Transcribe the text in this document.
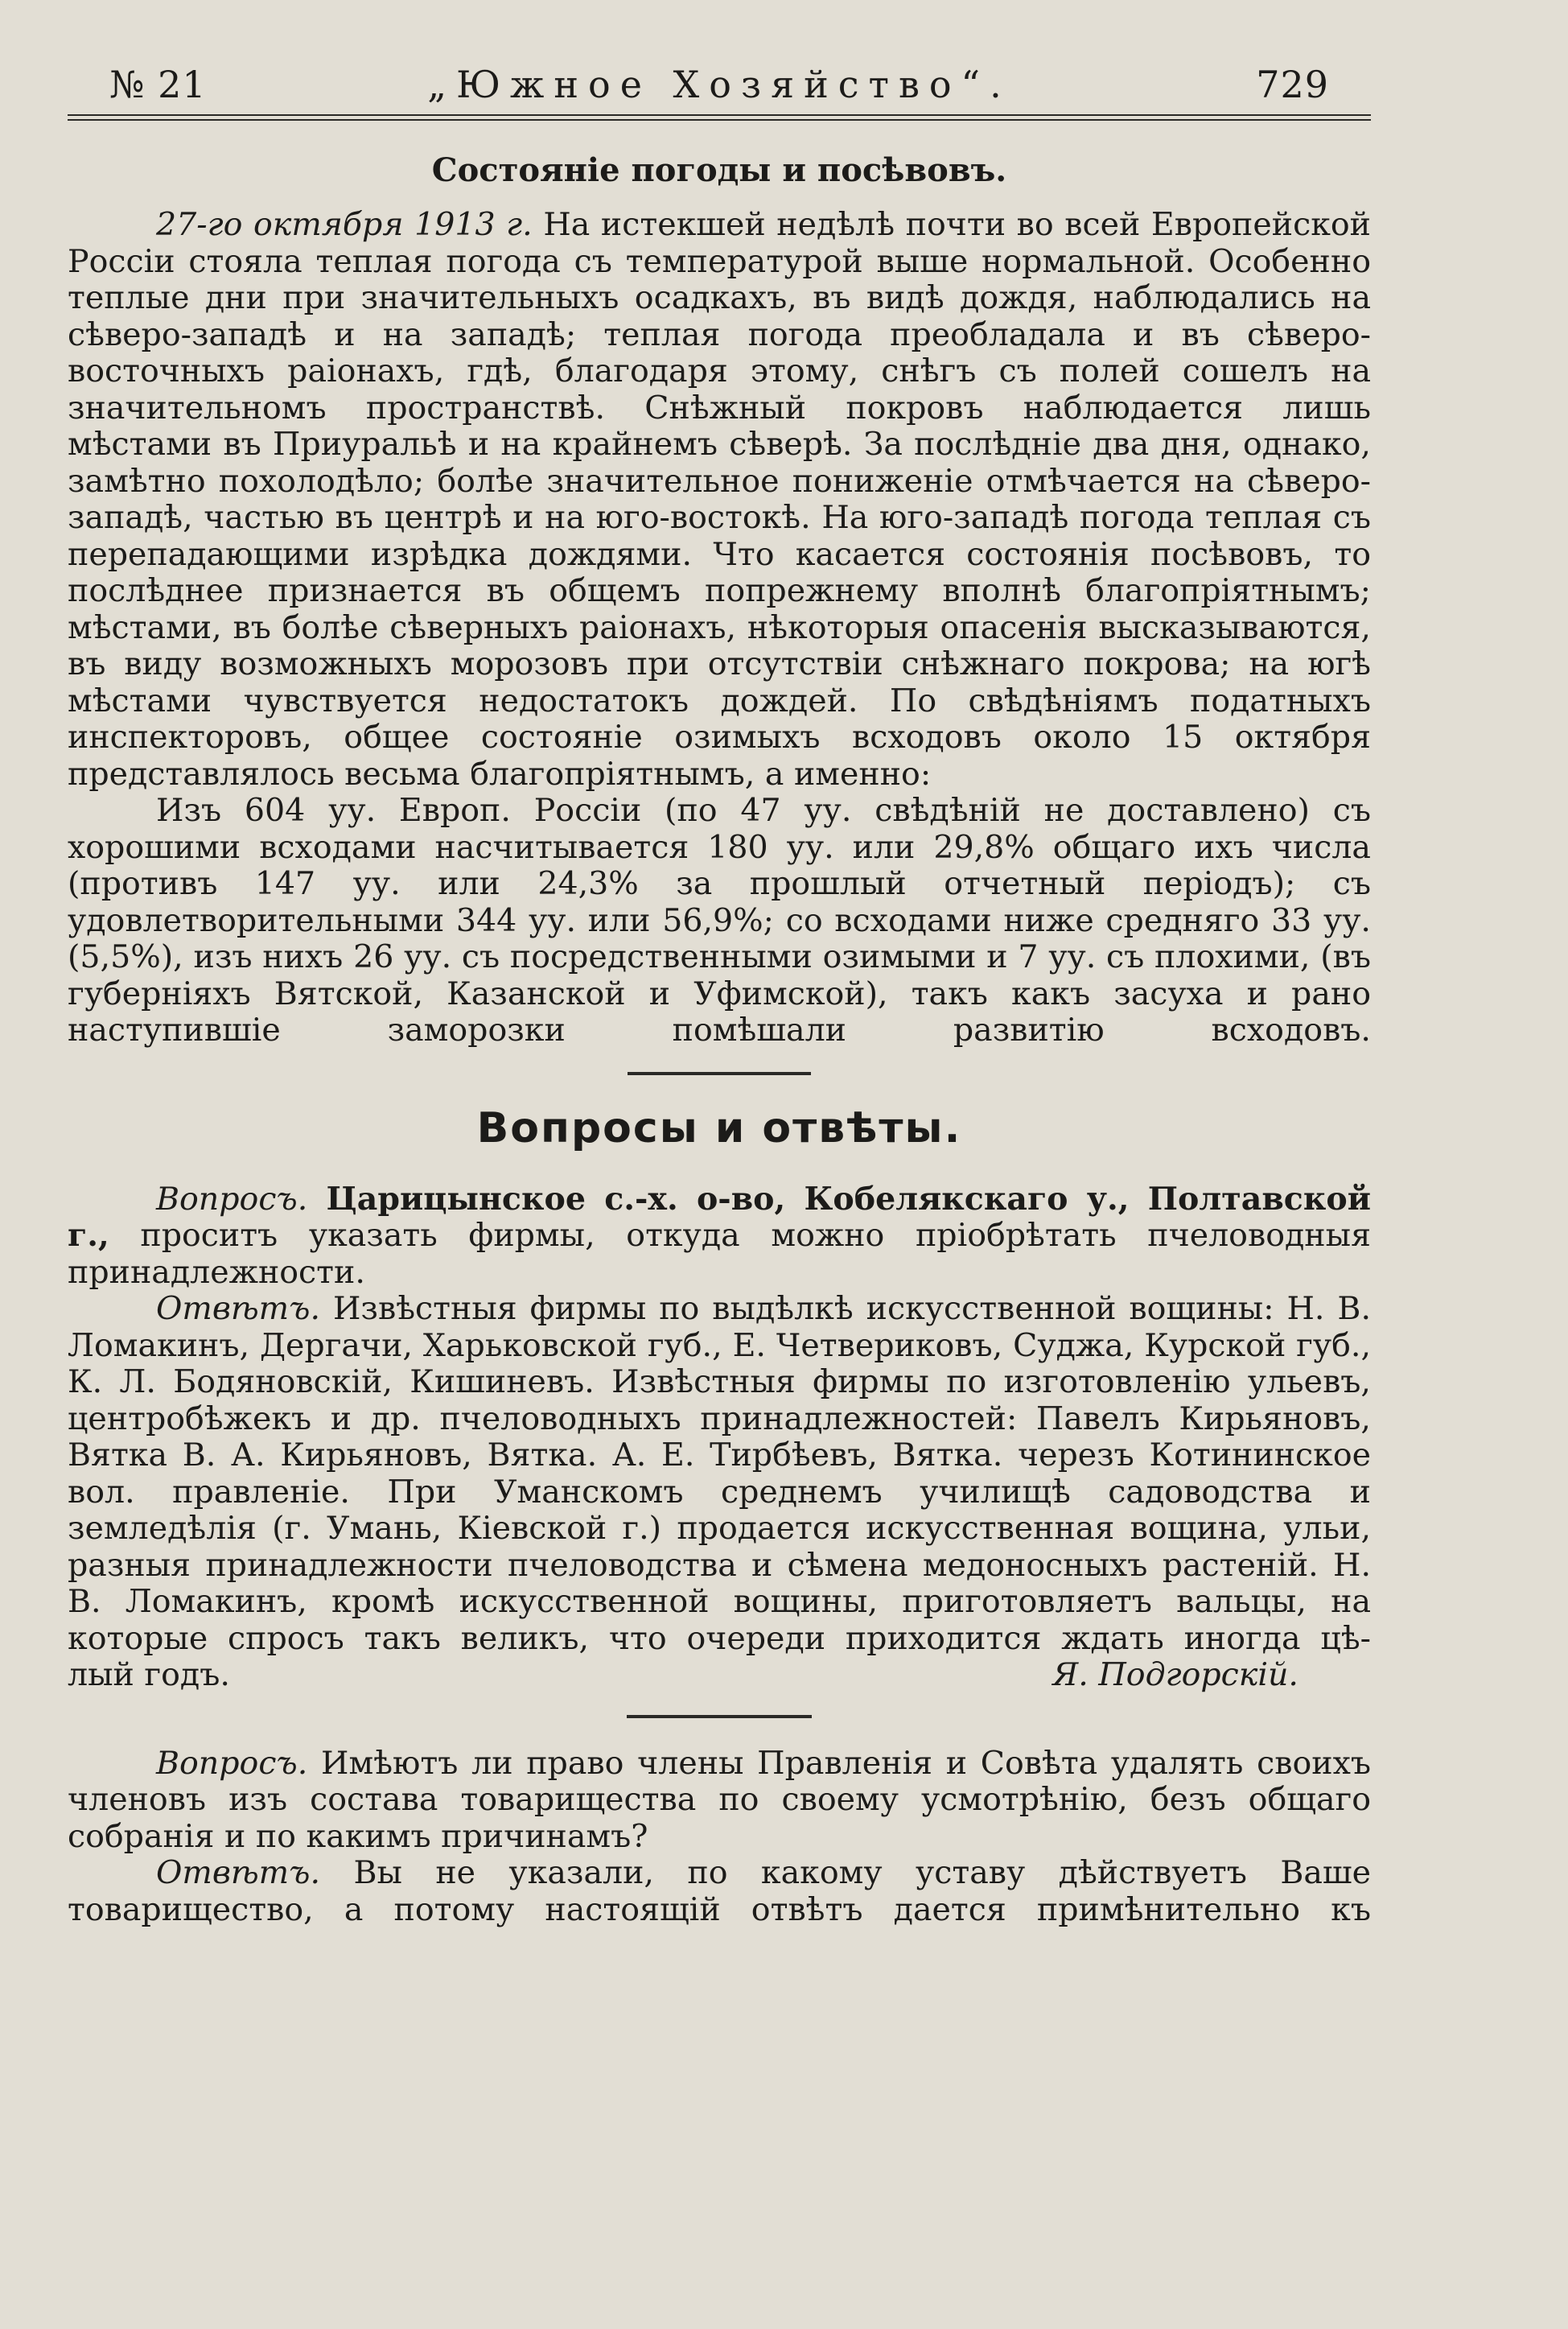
№ 21	„Южное Хозяйство“.	729
Состояніе погоды и посѣвовъ.

27-го октября 1913 г. На истекшей недѣлѣ почти во всей Европейской Россіи стояла теплая погода съ температурой выше нормальной. Особенно теплые дни при значительныхъ осадкахъ, въ видѣ дождя, наблюдались на сѣверо-западѣ и на западѣ; теплая погода преобладала и въ сѣверо-восточныхъ раіонахъ, гдѣ, благодаря этому, снѣгъ съ полей сошелъ на значительномъ пространствѣ. Снѣжный покровъ наблюдается лишь мѣстами въ Приуральѣ и на крайнемъ сѣверѣ. За послѣдніе два дня, однако, замѣтно похолодѣло; болѣе значительное пониженіе отмѣчается на сѣверо-западѣ, частью въ центрѣ и на юго-востокѣ. На юго-западѣ погода теплая съ перепадающими изрѣдка дождями. Что касается состоянія посѣвовъ, то послѣднее признается въ общемъ попрежнему вполнѣ благопріятнымъ; мѣстами, въ болѣе сѣверныхъ раіонахъ, нѣкоторыя опасенія высказываются, въ виду возможныхъ морозовъ при отсутствіи снѣжнаго покрова; на югѣ мѣстами чувствуется недостатокъ дождей. По свѣдѣніямъ податныхъ инспекторовъ, общее состояніе озимыхъ всходовъ около 15 октября представлялось весьма благопріятнымъ, а именно:

Изъ 604 уу. Европ. Россіи (по 47 уу. свѣдѣній не доставлено) съ хорошими всходами насчитывается 180 уу. или 29,8% общаго ихъ числа (противъ 147 уу. или 24,3% за прошлый отчетный періодъ); съ удовлетворительными 344 уу. или 56,9%; со всходами ниже средняго 33 уу. (5,5%), изъ нихъ 26 уу. съ посредственными озимыми и 7 уу. съ плохими, (въ губерніяхъ Вятской, Казанской и Уфимской), такъ какъ засуха и рано наступившіе заморозки помѣшали развитію всходовъ.

Вопросы и отвѣты.

Вопросъ. Царицынское с.-х. о-во, Кобелякскаго у., Полтавской г., проситъ указать фирмы, откуда можно пріобрѣтать пчеловодныя принадлежности.

Отвѣтъ. Извѣстныя фирмы по выдѣлкѣ искусственной вощины: Н. В. Ломакинъ, Дергачи, Харьковской губ., Е. Четвериковъ, Суджа, Курской губ., К. Л. Бодяновскій, Кишиневъ. Извѣстныя фирмы по изготовленію ульевъ, центробѣжекъ и др. пчеловодныхъ принадлежностей: Павелъ Кирьяновъ, Вятка В. А. Кирьяновъ, Вятка. А. Е. Тирбѣевъ, Вятка. черезъ Котининское вол. правленіе. При Уманскомъ среднемъ училищѣ садоводства и земледѣлія (г. Умань, Кіевской г.) продается искусственная вощина, ульи, разныя принадлежности пчеловодства и сѣмена медоносныхъ растеній. Н. В. Ломакинъ, кромѣ искусственной вощины, приготовляетъ вальцы, на которые спросъ такъ великъ, что очереди приходится ждать иногда цѣ-

лый годъ.	Я. Подгорскій.

Вопросъ. Имѣютъ ли право члены Правленія и Совѣта удалять своихъ членовъ изъ состава товарищества по своему усмотрѣнію, безъ общаго собранія и по какимъ причинамъ?

Отвѣтъ. Вы не указали, по какому уставу дѣйствуетъ Ваше товарищество, а потому настоящій отвѣтъ дается примѣнительно къ
